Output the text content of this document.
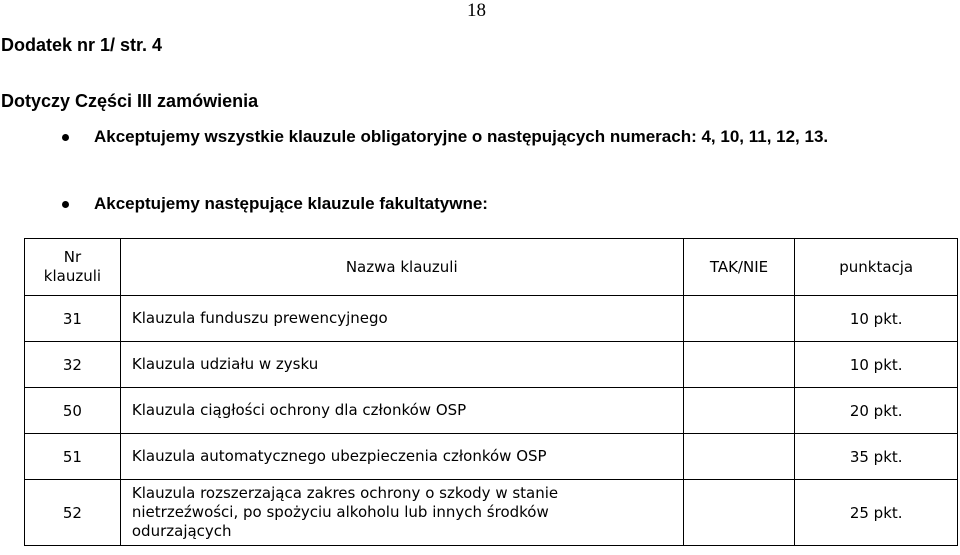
18
Dodatek nr 1/ str. 4
Dotyczy Części III zamówienia
Akceptujemy wszystkie klauzule obligatoryjne o następujących numerach: 4, 10, 11, 12, 13.
Akceptujemy następujące klauzule fakultatywne:
Nr klauzuli	Nazwa klauzuli	TAK/NIE	punktacja
31	Klauzula funduszu prewencyjnego		10 pkt.
32	Klauzula udziału w zysku		10 pkt.
50	Klauzula ciągłości ochrony dla członków OSP		20 pkt.
51	Klauzula automatycznego ubezpieczenia członków OSP		35 pkt.
52	Klauzula rozszerzająca zakres ochrony o szkody w stanie nietrzeźwości, po spożyciu alkoholu lub innych środków odurzających		25 pkt.
